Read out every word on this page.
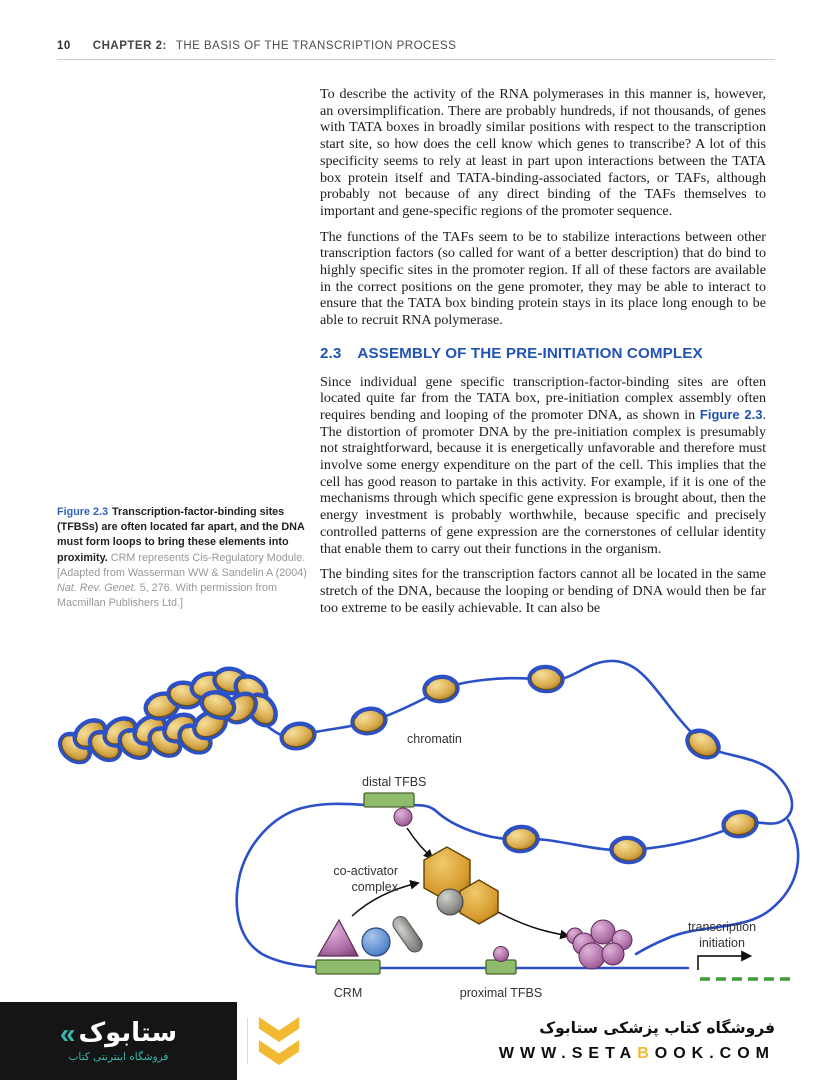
10 CHAPTER 2: THE BASIS OF THE TRANSCRIPTION PROCESS
Figure 2.3 Transcription-factor-binding sites (TFBSs) are often located far apart, and the DNA must form loops to bring these elements into proximity. CRM represents Cis-Regulatory Module. [Adapted from Wasserman WW & Sandelin A (2004) Nat. Rev. Genet. 5, 276. With permission from Macmillan Publishers Ltd.]

To describe the activity of the RNA polymerases in this manner is, however, an oversimplification. There are probably hundreds, if not thousands, of genes with TATA boxes in broadly similar positions with respect to the transcription start site, so how does the cell know which genes to transcribe? A lot of this specificity seems to rely at least in part upon interactions between the TATA box protein itself and TATA-binding-associated factors, or TAFs, although probably not because of any direct binding of the TAFs themselves to important and gene-specific regions of the promoter sequence.

The functions of the TAFs seem to be to stabilize interactions between other transcription factors (so called for want of a better description) that do bind to highly specific sites in the promoter region. If all of these factors are available in the correct positions on the gene promoter, they may be able to interact to ensure that the TATA box binding protein stays in its place long enough to be able to recruit RNA polymerase.

2.3 ASSEMBLY OF THE PRE-INITIATION COMPLEX

Since individual gene specific transcription-factor-binding sites are often located quite far from the TATA box, pre-initiation complex assembly often requires bending and looping of the promoter DNA, as shown in Figure 2.3. The distortion of promoter DNA by the pre-initiation complex is presumably not straightforward, because it is energetically unfavorable and therefore must involve some energy expenditure on the part of the cell. This implies that the cell has good reason to partake in this activity. For example, if it is one of the mechanisms through which specific gene expression is brought about, then the energy investment is probably worthwhile, because specific and precisely controlled patterns of gene expression are the cornerstones of cellular identity that enable them to carry out their functions in the organism.

The binding sites for the transcription factors cannot all be located in the same stretch of the DNA, because the looping or bending of DNA would then be far too extreme to be easily achievable. It can also be

chromatin
distal TFBS
co-activator
complex
transcription
initiation
CRM	proximal TFBS
« ستابوک
فروشگاه اینترنتی کتاب
فروشگاه کتاب پزشکی ستابوک
WWW.SETABOOK.COM
